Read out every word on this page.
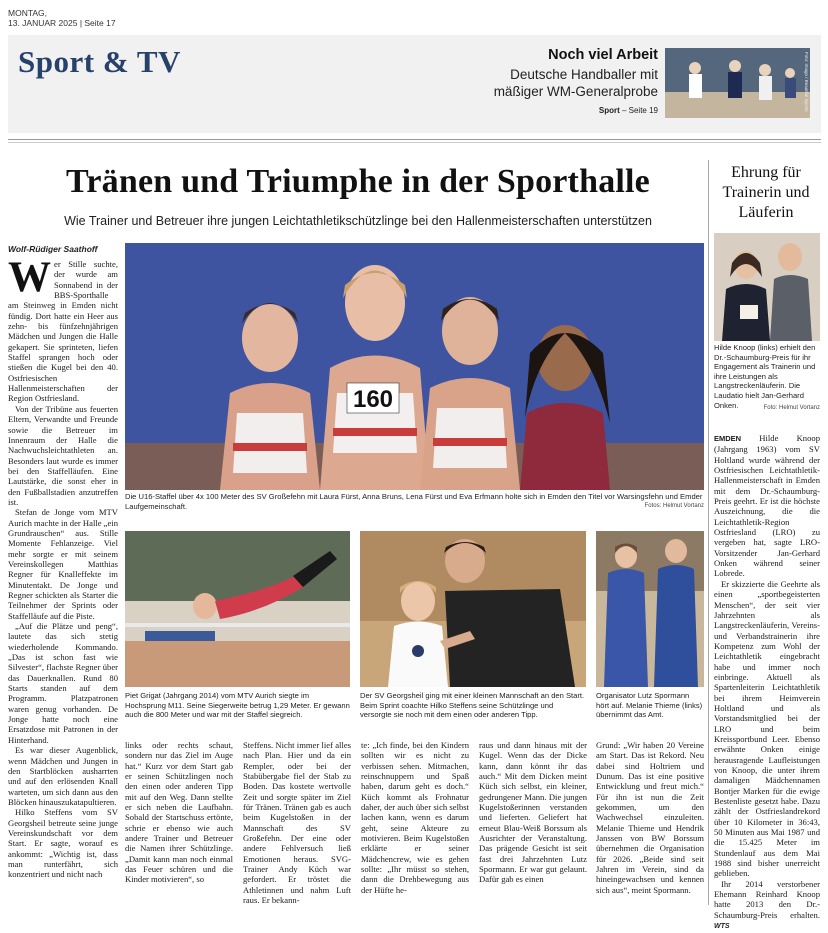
MONTAG,
13. JANUAR 2025 | Seite 17
Sport & TV	Noch viel Arbeit
Deutsche Handballer mit
mäßiger WM-Generalprobe
Sport – Seite 19	Foto: Imago / Beautiful Sports
Tränen und Triumphe in der Sporthalle
Wie Trainer und Betreuer ihre jungen Leichtathletikschützlinge bei den Hallenmeisterschaften unterstützen
Wolf-Rüdiger Saathoff
160
Die U16-Staffel über 4x 100 Meter des SV Großefehn mit Laura Fürst, Anna Bruns, Lena Fürst und Eva Erfmann holte sich in Emden den Titel vor Warsingsfehn und Emder Laufgemeinschaft.	Fotos: Helmut Vortanz

Wer Stille suchte, der wurde am Sonnabend in der BBS-Sporthalle am Steinweg in Emden nicht fündig. Dort hatte ein Heer aus zehn- bis fünfzehnjährigen Mädchen und Jungen die Halle gekapert. Sie sprinteten, liefen Staffel sprangen hoch oder stießen die Kugel bei den 40. Ostfriesischen Hallenmeisterschaften der Region Ostfriesland.

Von der Tribüne aus feuerten Eltern, Verwandte und Freunde sowie die Betreuer im Innenraum der Halle die Nachwuchsleichtathleten an. Besonders laut wurde es immer bei den Staffelläufen. Eine Lautstärke, die sonst eher in den Fußballstadien anzutreffen ist.

Stefan de Jonge vom MTV Aurich machte in der Halle „ein Grundrauschen“ aus. Stille Momente Fehlanzeige. Viel mehr sorgte er mit seinem Vereinskollegen Matthias Regner für Knalleffekte im Minutentakt. De Jonge und Regner schickten als Starter die Teilnehmer der Sprints oder Staffelläufe auf die Piste.

„Auf die Plätze und peng“, lautete das sich stetig wiederholende Kommando. „Das ist schon fast wie Silvester“, flachste Regner über das Dauerknallen. Rund 80 Starts standen auf dem Programm. Platzpatronen waren genug vorhanden. De Jonge hatte noch eine Ersatzdose mit Patronen in der Hinterhand.

Es war dieser Augenblick, wenn Mädchen und Jungen in den Startblöcken ausharrten und auf den erlösenden Knall warteten, um sich dann aus den Blöcken hinauszukatapultieren.

Hilko Steffens vom SV Georgsheil betreute seine junge Vereinskundschaft vor dem Start. Er sagte, worauf es ankommt: „Wichtig ist, dass man runterfährt, sich konzentriert und nicht nach

Piet Grigat (Jahrgang 2014) vom MTV Aurich siegte im Hochsprung M11. Seine Siegerweite betrug 1,29 Meter. Er gewann auch die 800 Meter und war mit der Staffel siegreich.
Der SV Georgsheil ging mit einer kleinen Mannschaft an den Start. Beim Sprint coachte Hilko Steffens seine Schützlinge und versorgte sie noch mit dem einen oder anderen Tipp.
Organisator Lutz Spormann hört auf. Melanie Thieme (links) übernimmt das Amt.

links oder rechts schaut, sondern nur das Ziel im Auge hat.“ Kurz vor dem Start gab er seinen Schützlingen noch den einen oder anderen Tipp mit auf den Weg. Dann stellte er sich neben die Laufbahn. Sobald der Startschuss ertönte, schrie er ebenso wie auch andere Trainer und Betreuer die Namen ihrer Schützlinge. „Damit kann man noch einmal das Feuer schüren und die Kinder motivieren“, so

Steffens. Nicht immer lief alles nach Plan. Hier und da ein Rempler, oder bei der Stabübergabe fiel der Stab zu Boden. Das kostete wertvolle Zeit und sorgte später im Ziel für Tränen. Tränen gab es auch beim Kugelstoßen in der Mannschaft des SV Großefehn. Der eine oder andere Fehlversuch ließ Emotionen heraus. SVG-Trainer Andy Küch war gefordert. Er tröstet die Athletinnen und nahm Luft raus. Er bekann-

te: „Ich finde, bei den Kindern sollten wir es nicht zu verbissen sehen. Mitmachen, reinschnuppern und Spaß haben, darum geht es doch.“ Küch kommt als Frohnatur daher, der auch über sich selbst lachen kann, wenn es darum geht, seine Akteure zu motivieren. Beim Kugelstoßen erklärte er seiner Mädchencrew, wie es gehen sollte: „Ihr müsst so stehen, dann die Drehbewegung aus der Hüfte he-

raus und dann hinaus mit der Kugel. Wenn das der Dicke kann, dann könnt ihr das auch.“ Mit dem Dicken meint Küch sich selbst, ein kleiner, gedrungener Mann. Die jungen Kugelstoßerinnen verstanden und lieferten. Geliefert hat erneut Blau-Weiß Borssum als Ausrichter der Veranstaltung. Das prägende Gesicht ist seit fast drei Jahrzehnten Lutz Spormann. Er war gut gelaunt. Dafür gab es einen

Grund: „Wir haben 20 Vereine am Start. Das ist Rekord. Neu dabei sind Holtriem und Dunum. Das ist eine positive Entwicklung und freut mich.“ Für ihn ist nun die Zeit gekommen, um den Wachwechsel einzuleiten. Melanie Thieme und Hendrik Janssen von BW Borssum übernehmen die Organisation für 2026. „Beide sind seit Jahren im Verein, sind da hineingewachsen und kennen sich aus“, meint Spormann.

Ehrung für Trainerin und Läuferin
Hilde Knoop (links) erhielt den Dr.-Schaumburg-Preis für ihr Engagement als Trainerin und ihre Leistungen als Langstreckenläuferin. Die Laudatio hielt Jan-Gerhard Onken.	Foto: Helmut Vortanz

EMDEN Hilde Knoop (Jahrgang 1963) vom SV Holtland wurde während der Ostfriesischen Leichtathletik-Hallenmeisterschaft in Emden mit dem Dr.-Schaumburg-Preis geehrt. Er ist die höchste Auszeichnung, die die Leichtathletik-Region Ostfriesland (LRO) zu vergeben hat, sagte LRO-Vorsitzender Jan-Gerhard Onken während seiner Lobrede.

Er skizzierte die Geehrte als einen „sportbegeisterten Menschen“, der seit vier Jahrzehnten als Langstreckenläuferin, Vereins- und Verbandstrainerin ihre Kompetenz zum Wohl der Leichtathletik eingebracht habe und immer noch einbringe. Aktuell als Spartenleiterin Leichtathletik bei ihrem Heimverein Holtland und als Vorstandsmitglied bei der LRO und beim Kreissportbund Leer. Ebenso erwähnte Onken einige herausragende Laufleistungen von Knoop, die unter ihrem damaligen Mädchennamen Bontjer Marken für die ewige Bestenliste gesetzt habe. Dazu zählt der Ostfrieslandrekord über 10 Kilometer in 36:43, 50 Minuten aus Mai 1987 und die 15.425 Meter im Stundenlauf aus dem Mai 1988 sind bisher unerreicht geblieben.

Ihr 2014 verstorbener Ehemann Reinhard Knoop hatte 2013 den Dr.-Schaumburg-Preis erhalten. WTS
